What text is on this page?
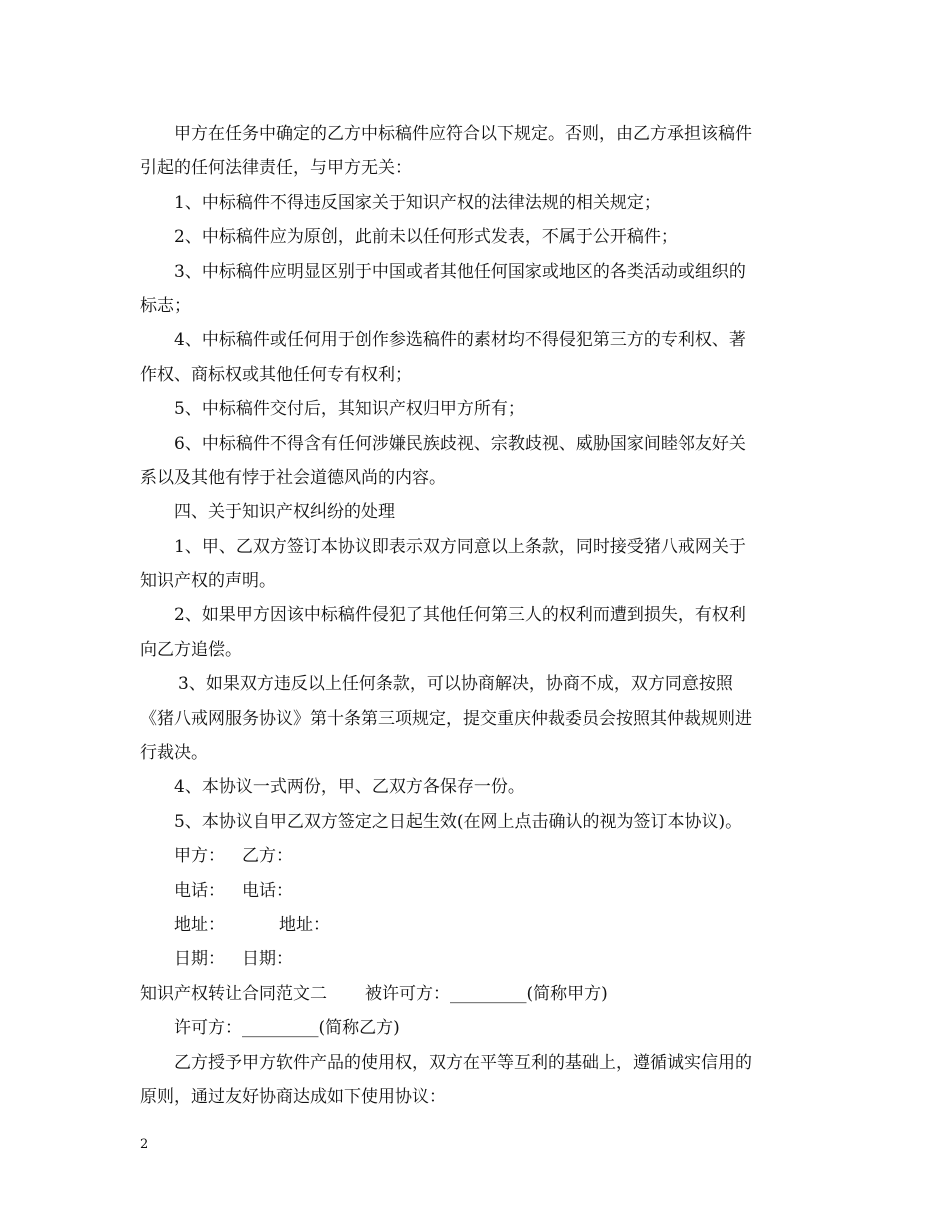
甲方在任务中确定的乙方中标稿件应符合以下规定。否则，由乙方承担该稿件
引起的任何法律责任，与甲方无关：
1、中标稿件不得违反国家关于知识产权的法律法规的相关规定；
2、中标稿件应为原创，此前未以任何形式发表，不属于公开稿件；
3、中标稿件应明显区别于中国或者其他任何国家或地区的各类活动或组织的
标志；
4、中标稿件或任何用于创作参选稿件的素材均不得侵犯第三方的专利权、著
作权、商标权或其他任何专有权利；
5、中标稿件交付后，其知识产权归甲方所有；
6、中标稿件不得含有任何涉嫌民族歧视、宗教歧视、威胁国家间睦邻友好关
系以及其他有悖于社会道德风尚的内容。
四、关于知识产权纠纷的处理
1、甲、乙双方签订本协议即表示双方同意以上条款，同时接受猪八戒网关于
知识产权的声明。
2、如果甲方因该中标稿件侵犯了其他任何第三人的权利而遭到损失，有权利
向乙方追偿。
3、如果双方违反以上任何条款，可以协商解决，协商不成，双方同意按照
《猪八戒网服务协议》第十条第三项规定，提交重庆仲裁委员会按照其仲裁规则进
行裁决。
4、本协议一式两份，甲、乙双方各保存一份。
5、本协议自甲乙双方签定之日起生效(在网上点击确认的视为签订本协议)。
甲方： 乙方：
电话： 电话：
地址：	地址：
日期： 日期：
知识产权转让合同范文二 被许可方：_________(简称甲方)
许可方：_________(简称乙方)
乙方授予甲方软件产品的使用权，双方在平等互利的基础上，遵循诚实信用的
原则，通过友好协商达成如下使用协议：
2
